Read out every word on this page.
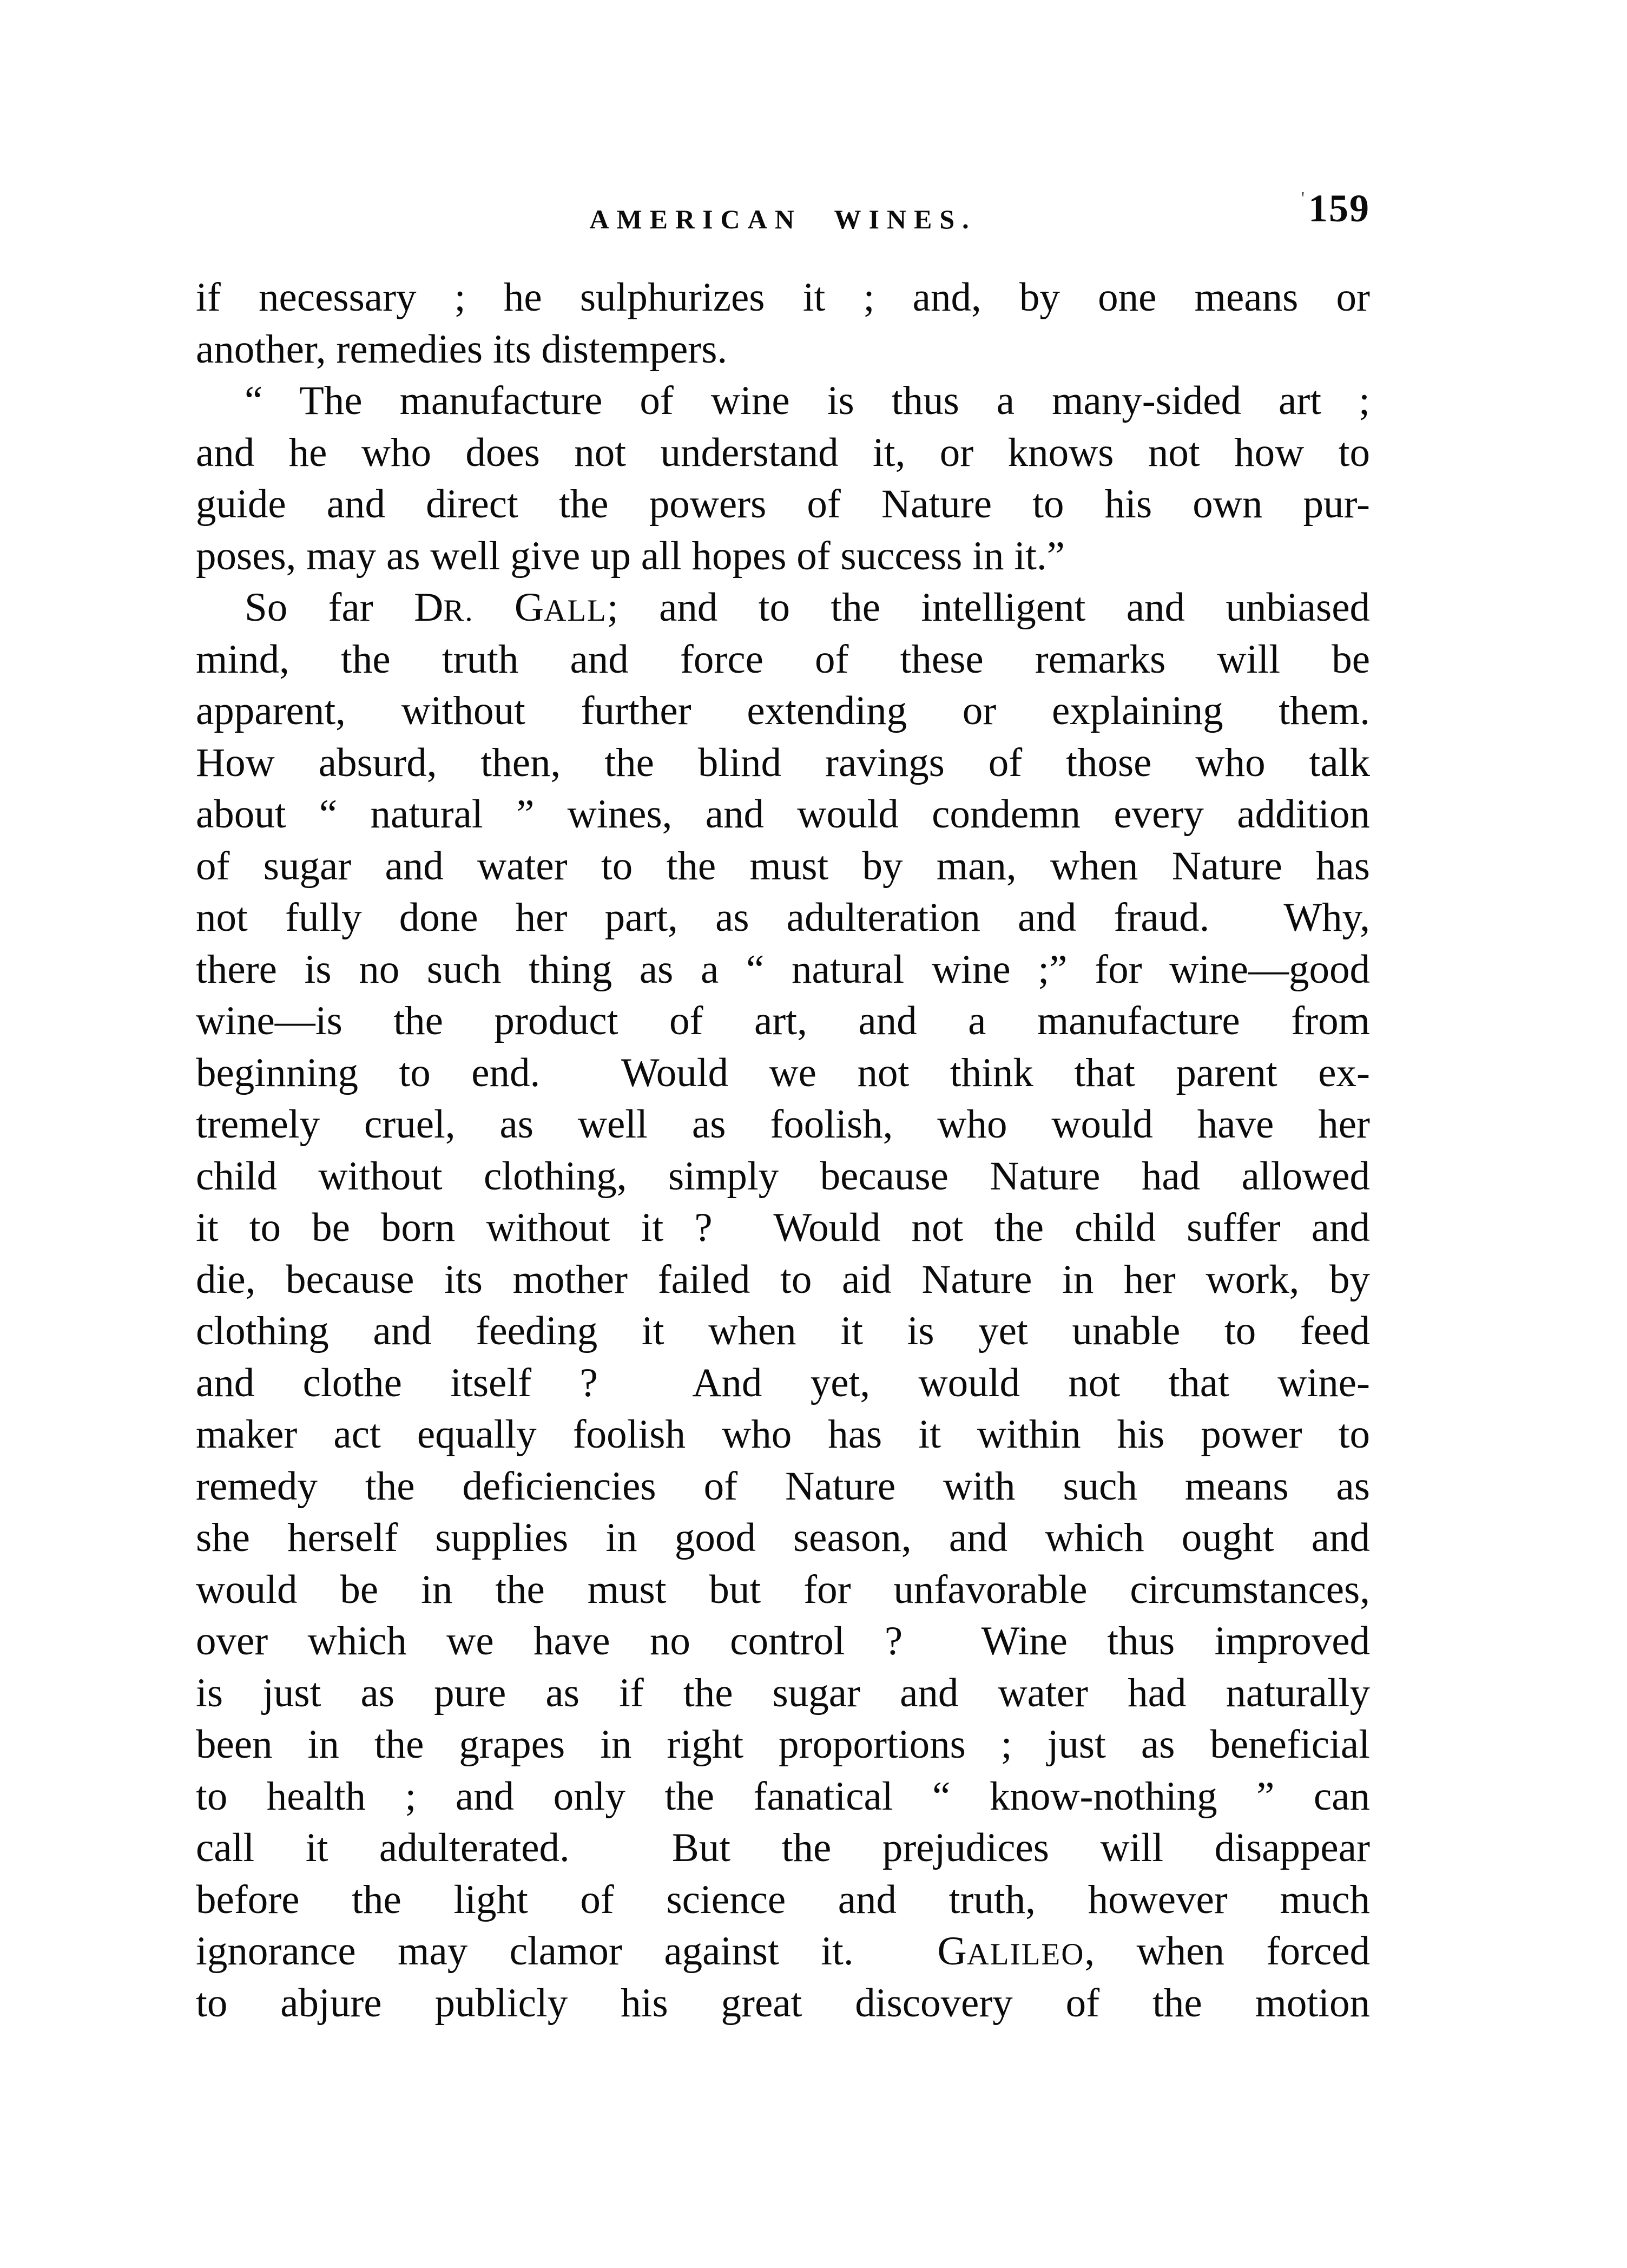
AMERICAN WINES.
'159
if necessary ; he sulphurizes it ; and, by one means or
another, remedies its distempers.
“ The manufacture of wine is thus a many-sided art ;
and he who does not understand it, or knows not how to
guide and direct the powers of Nature to his own pur-
poses, may as well give up all hopes of success in it.”
So far DR. GALL; and to the intelligent and unbiased
mind, the truth and force of these remarks will be
apparent, without further extending or explaining them.
How absurd, then, the blind ravings of those who talk
about “ natural ” wines, and would condemn every addition
of sugar and water to the must by man, when Nature has
not fully done her part, as adulteration and fraud.  Why,
there is no such thing as a “ natural wine ;” for wine—good
wine—is the product of art, and a manufacture from
beginning to end.  Would we not think that parent ex-
tremely cruel, as well as foolish, who would have her
child without clothing, simply because Nature had allowed
it to be born without it ?  Would not the child suffer and
die, because its mother failed to aid Nature in her work, by
clothing and feeding it when it is yet unable to feed
and clothe itself ?  And yet, would not that wine-
maker act equally foolish who has it within his power to
remedy the deficiencies of Nature with such means as
she herself supplies in good season, and which ought and
would be in the must but for unfavorable circumstances,
over which we have no control ?  Wine thus improved
is just as pure as if the sugar and water had naturally
been in the grapes in right proportions ; just as beneficial
to health ; and only the fanatical “ know-nothing ” can
call it adulterated.  But the prejudices will disappear
before the light of science and truth, however much
ignorance may clamor against it.  GALILEO, when forced
to abjure publicly his great discovery of the motion
